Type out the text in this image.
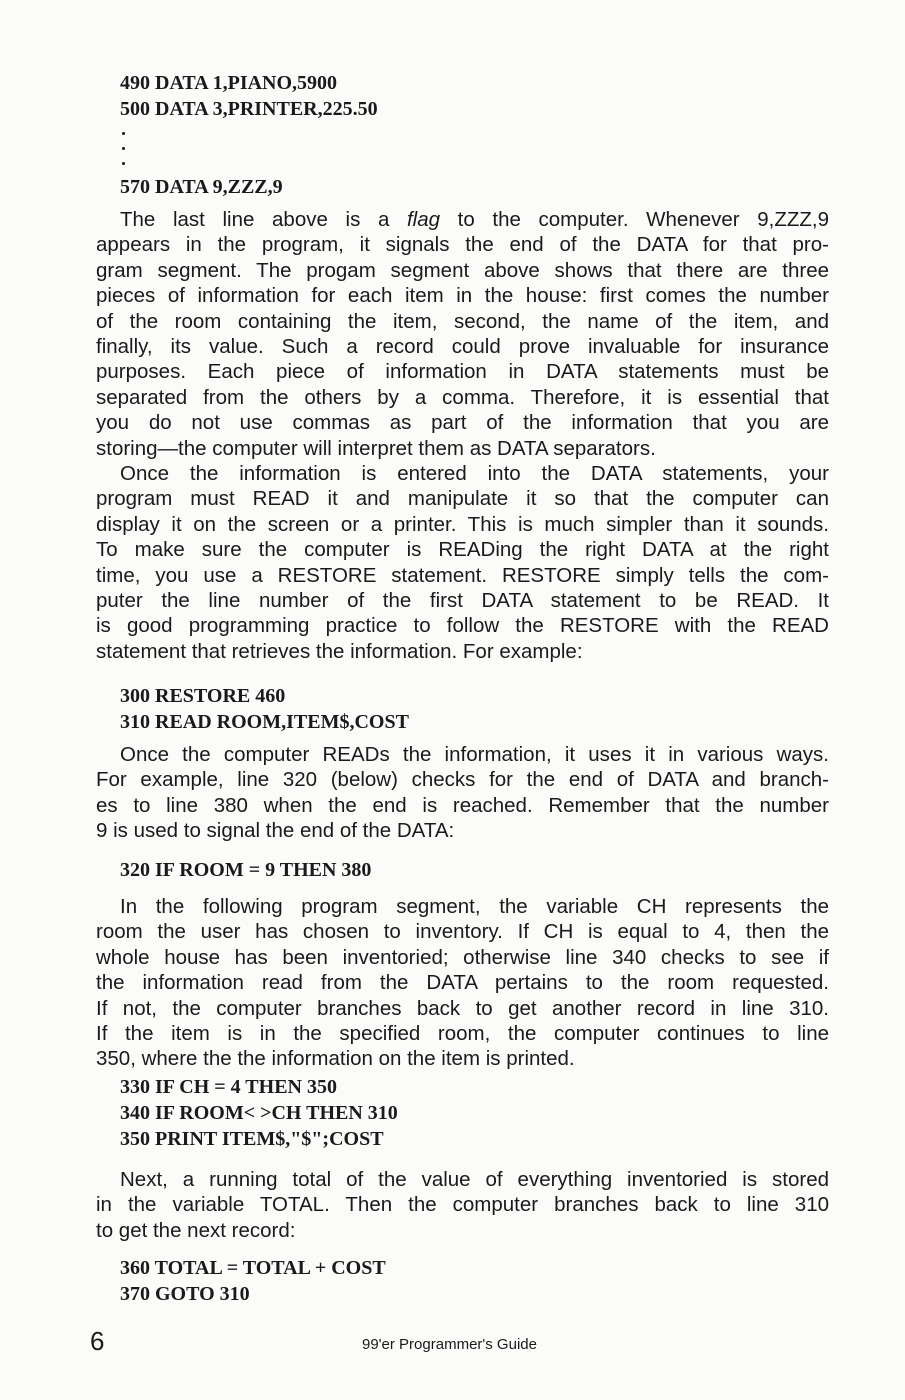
490 DATA 1,PIANO,5900

500 DATA 3,PRINTER,225.50

570 DATA 9,ZZZ,9

The last line above is a flag to the computer. Whenever 9,ZZZ,9
appears in the program, it signals the end of the DATA for that pro-
gram segment. The progam segment above shows that there are three
pieces of information for each item in the house: first comes the number
of the room containing the item, second, the name of the item, and
finally, its value. Such a record could prove invaluable for insurance
purposes. Each piece of information in DATA statements must be
separated from the others by a comma. Therefore, it is essential that
you do not use commas as part of the information that you are
storing—the computer will interpret them as DATA separators.
Once the information is entered into the DATA statements, your
program must READ it and manipulate it so that the computer can
display it on the screen or a printer. This is much simpler than it sounds.
To make sure the computer is READing the right DATA at the right
time, you use a RESTORE statement. RESTORE simply tells the com-
puter the line number of the first DATA statement to be READ. It
is good programming practice to follow the RESTORE with the READ
statement that retrieves the information. For example:

300 RESTORE 460

310 READ ROOM,ITEM$,COST

Once the computer READs the information, it uses it in various ways.
For example, line 320 (below) checks for the end of DATA and branch-
es to line 380 when the end is reached. Remember that the number
9 is used to signal the end of the DATA:

320 IF ROOM = 9 THEN 380

In the following program segment, the variable CH represents the
room the user has chosen to inventory. If CH is equal to 4, then the
whole house has been inventoried; otherwise line 340 checks to see if
the information read from the DATA pertains to the room requested.
If not, the computer branches back to get another record in line 310.
If the item is in the specified room, the computer continues to line
350, where the the information on the item is printed.

330 IF CH = 4 THEN 350

340 IF ROOM< >CH THEN 310

350 PRINT ITEM$,"$";COST

Next, a running total of the value of everything inventoried is stored
in the variable TOTAL. Then the computer branches back to line 310
to get the next record:

360 TOTAL = TOTAL + COST

370 GOTO 310

6	99'er Programmer's Guide
